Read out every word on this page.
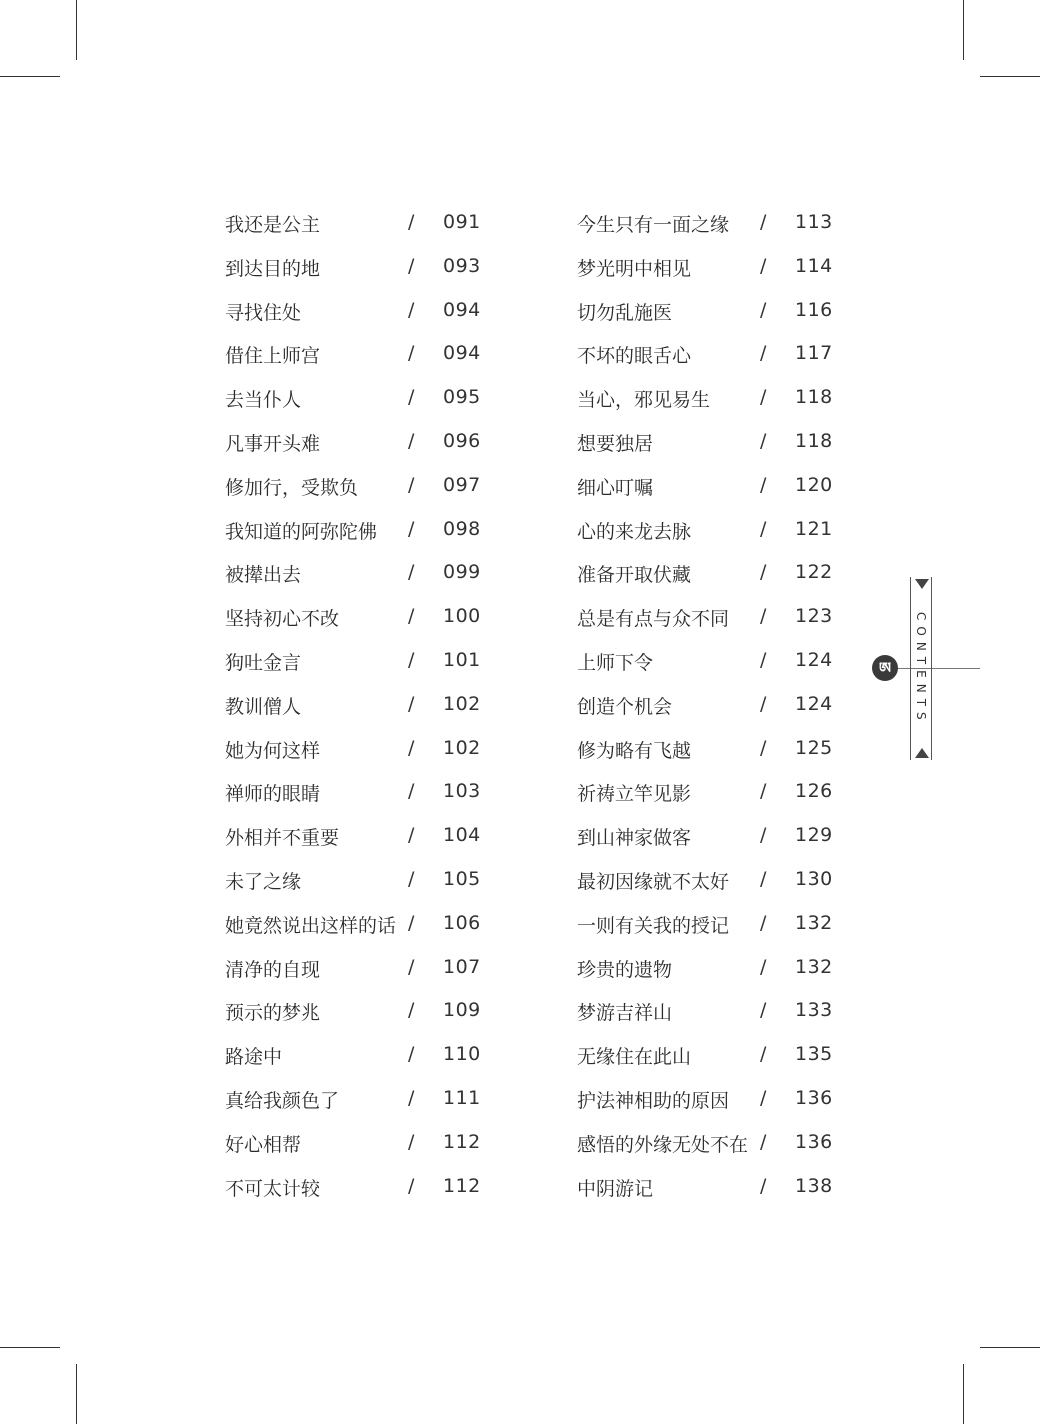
我还是公主	/ 091
到达目的地	/ 093
寻找住处	/ 094
借住上师宫	/ 094
去当仆人	/ 095
凡事开头难	/ 096
修加行，受欺负	/ 097
我知道的阿弥陀佛 / 098
被撵出去	/ 099
坚持初心不改	/ 100
狗吐金言	/ 101
教训僧人	/ 102
她为何这样	/ 102
禅师的眼睛	/ 103
外相并不重要	/ 104
未了之缘	/ 105
她竟然说出这样的话 / 106
清净的自现	/ 107
预示的梦兆	/ 109
路途中	/ 110
真给我颜色了	/ 111
好心相帮	/ 112
不可太计较	/ 112
今生只有一面之缘 / 113
梦光明中相见	/ 114
切勿乱施医	/ 116
不坏的眼舌心	/ 117
当心，邪见易生	/ 118
想要独居	/ 118
细心叮嘱	/ 120
心的来龙去脉	/ 121
准备开取伏藏	/ 122
总是有点与众不同 / 123
上师下令	/ 124
创造个机会	/ 124
修为略有飞越	/ 125
祈祷立竿见影	/ 126
到山神家做客	/ 129
最初因缘就不太好 / 130
一则有关我的授记 / 132
珍贵的遗物	/ 132
梦游吉祥山	/ 133
无缘住在此山	/ 135
护法神相助的原因 / 136
感悟的外缘无处不在 / 136
中阴游记	/ 138
ཨ	CONTENTS
